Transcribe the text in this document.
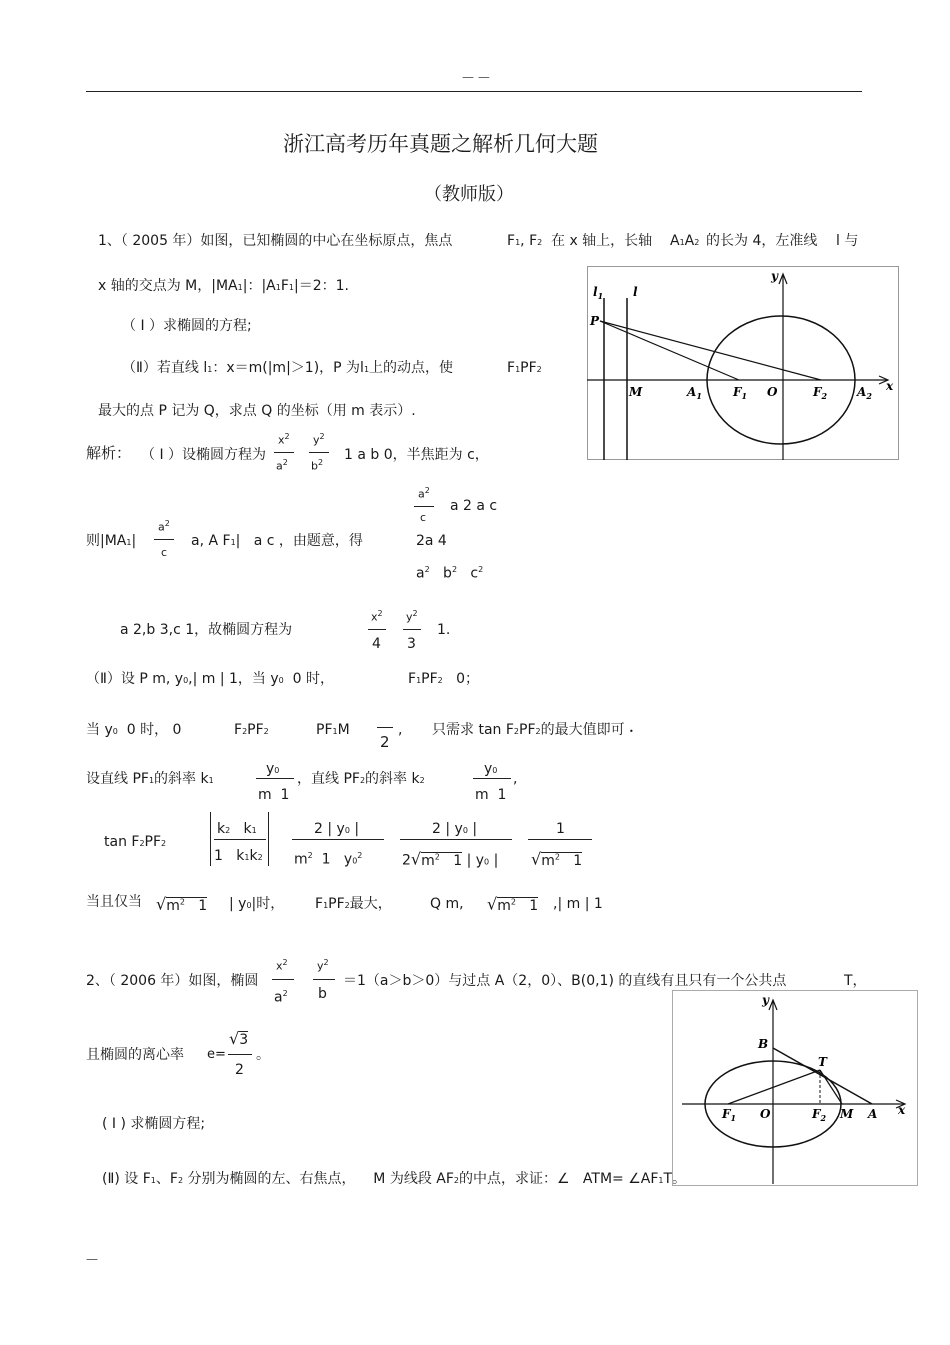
— —
浙江高考历年真题之解析几何大题
（教师版）
1、（ 2005 年）如图，已知椭圆的中心在坐标原点，焦点	F1, F2 在 x 轴上，长轴 A1A2 的长为 4，左准线 l 与
x 轴的交点为 M，|MA1|：|A1F1|＝2：1.
（ I ）求椭圆的方程;
（Ⅱ）若直线 l1：x＝m(|m|＞1)，P 为l1上的动点，使	F1PF2
最大的点 P 记为 Q，求点 Q 的坐标（用 m 表示）.
$l_1$ l
P
M	$A_1$	$F_1$ O	$F_2$ $A_2$
x
y
解析： （ I ）设椭圆方程为
$x^2$
$a^2$
$y^2$
$b^2$ 1 a b 0，半焦距为 c，
$a^2$
c
a 2 a c
2a 4
$a^2$ $b^2$   $c^2$
则|MA1|
$a^2$
c
a, A F1|   a c ，由题意，得
a 2,b 3,c 1，故椭圆方程为
$x^2$
4
$y^2$
3
1.
（Ⅱ）设 P m, y0,| m | 1，当 y0 0 时，	F1PF2 0；
当 y0 0 时， 0	F2PF2	PF1M
2
, 只需求 tan F2PF2的最大值即可 •
设直线 PF1的斜率 k1
y0
m  1
，直线 PF2的斜率 k2
y0
m  1
,
tan F2PF2
k2   k1
1   k1k2
2 | y0 |
$m^2$  1   $y0^2$
2 | y0 |
$2√m^2$   1 | y0 |
1
$√m^2$   1
当且仅当 $√m^2$   1 | y0|时， F1PF2最大，	Q m, $√m^2$   1 ,| m | 1
2、（ 2006 年）如图，椭圆
$x^2$
$a^2$
$y^2$
b
＝1（a＞b＞0）与过点 A（2，0）、B(0,1) 的直线有且只有一个公共点	T，
且椭圆的离心率 e=
√3
2
。
( I ) 求椭圆方程;
(Ⅱ) 设 F1、F2 分别为椭圆的左、右焦点， M 为线段 AF2的中点，求证：∠ ATM= ∠AF1T。
B
T
$F_1$ O	$F_2$ M A x
y
—
